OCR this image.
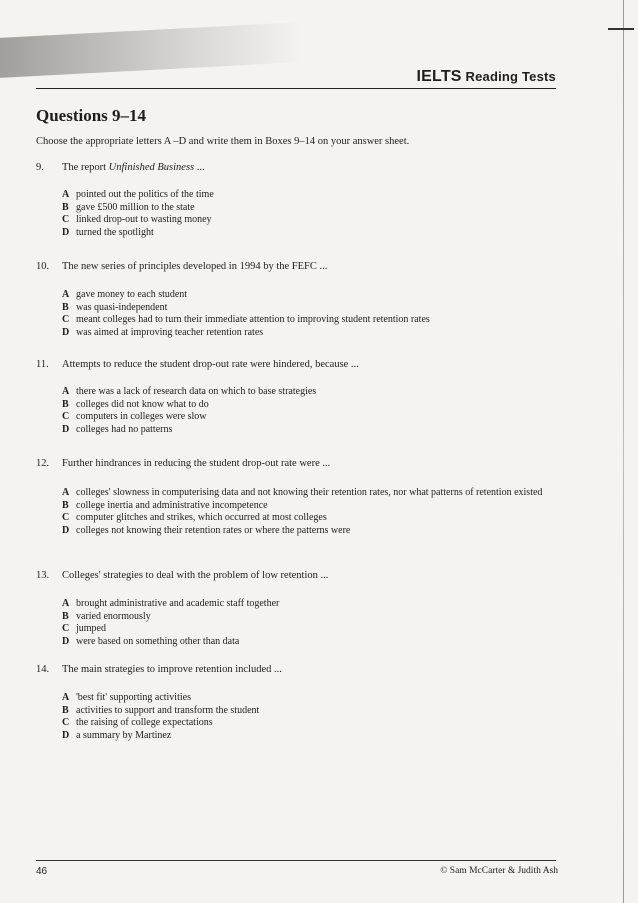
IELTS Reading Tests
Questions 9–14
Choose the appropriate letters A –D and write them in Boxes 9–14 on your answer sheet.
9. The report Unfinished Business ...
A pointed out the politics of the time
B gave £500 million to the state
C linked drop-out to wasting money
D turned the spotlight
10. The new series of principles developed in 1994 by the FEFC ...
A gave money to each student
B was quasi-independent
C meant colleges had to turn their immediate attention to improving student retention rates
D was aimed at improving teacher retention rates
11. Attempts to reduce the student drop-out rate were hindered, because ...
A there was a lack of research data on which to base strategies
B colleges did not know what to do
C computers in colleges were slow
D colleges had no patterns
12. Further hindrances in reducing the student drop-out rate were ...
A colleges' slowness in computerising data and not knowing their retention rates, nor what patterns of retention existed
B college inertia and administrative incompetence
C computer glitches and strikes, which occurred at most colleges
D colleges not knowing their retention rates or where the patterns were
13. Colleges' strategies to deal with the problem of low retention ...
A brought administrative and academic staff together
B varied enormously
C jumped
D were based on something other than data
14. The main strategies to improve retention included ...
A 'best fit' supporting activities
B activities to support and transform the student
C the raising of college expectations
D a summary by Martinez
46	© Sam McCarter & Judith Ash
